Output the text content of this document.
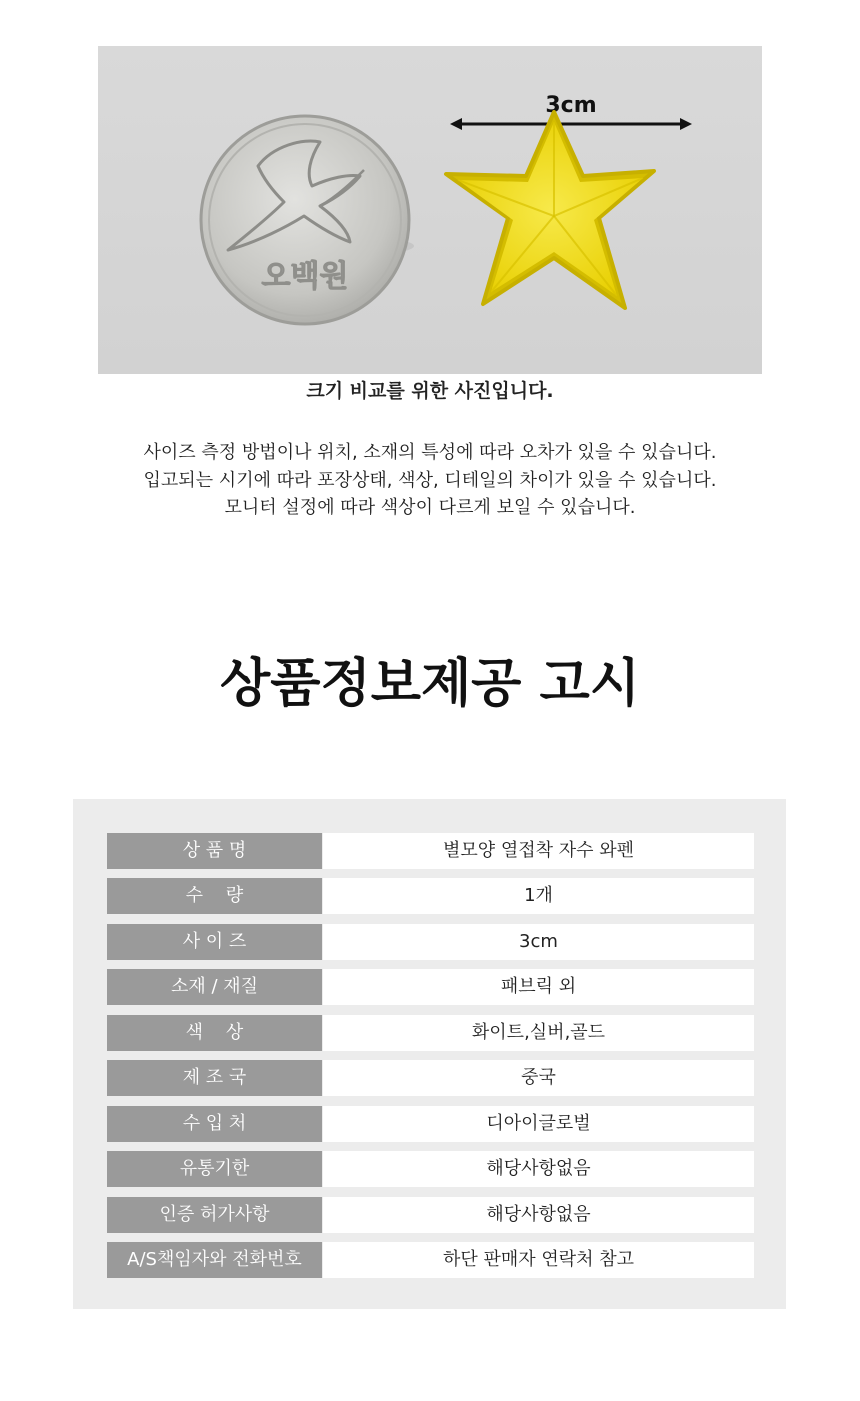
오백원
3cm
크기 비교를 위한 사진입니다.
사이즈 측정 방법이나 위치, 소재의 특성에 따라 오차가 있을 수 있습니다.
입고되는 시기에 따라 포장상태, 색상, 디테일의 차이가 있을 수 있습니다.
모니터 설정에 따라 색상이 다르게 보일 수 있습니다.
상품정보제공 고시
상 품 명	별모양 열접착 자수 와펜
수    량	1개
사 이 즈	3cm
소재 / 재질	패브릭 외
색    상	화이트,실버,골드
제 조 국	중국
수 입 처	디아이글로벌
유통기한	해당사항없음
인증 허가사항	해당사항없음
A/S책임자와 전화번호	하단 판매자 연락처 참고
